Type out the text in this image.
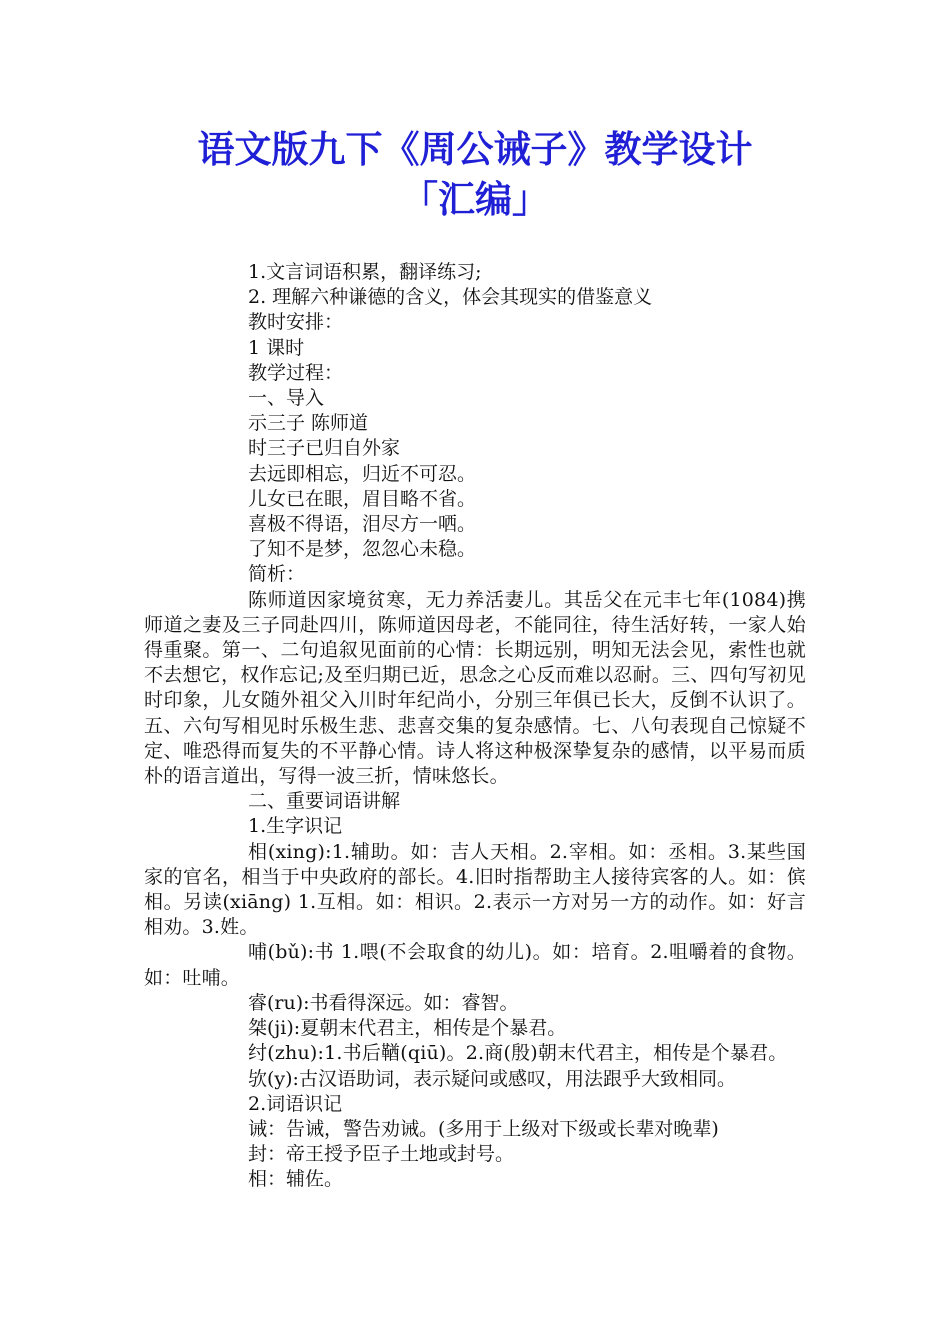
语文版九下《周公诫子》教学设计
「汇编」

1.文言词语积累，翻译练习;

2. 理解六种谦德的含义，体会其现实的借鉴意义

教时安排：

1 课时

教学过程：

一、导入

示三子 陈师道

时三子已归自外家

去远即相忘，归近不可忍。

儿女已在眼，眉目略不省。

喜极不得语，泪尽方一哂。

了知不是梦，忽忽心未稳。

简析：

陈师道因家境贫寒，无力养活妻儿。其岳父在元丰七年(1084)携师道之妻及三子同赴四川，陈师道因母老，不能同往，待生活好转，一家人始得重聚。第一、二句追叙见面前的心情：长期远别，明知无法会见，索性也就不去想它，权作忘记;及至归期已近，思念之心反而难以忍耐。三、四句写初见时印象，儿女随外祖父入川时年纪尚小，分别三年俱已长大，反倒不认识了。五、六句写相见时乐极生悲、悲喜交集的复杂感情。七、八句表现自己惊疑不定、唯恐得而复失的不平静心情。诗人将这种极深挚复杂的感情，以平易而质朴的语言道出，写得一波三折，情味悠长。

二、重要词语讲解

1.生字识记

相(xing):1.辅助。如：吉人天相。2.宰相。如：丞相。3.某些国家的官名，相当于中央政府的部长。4.旧时指帮助主人接待宾客的人。如：傧相。另读(xiāng) 1.互相。如：相识。2.表示一方对另一方的动作。如：好言相劝。3.姓。

哺(bǔ):书 1.喂(不会取食的幼儿)。如：培育。2.咀嚼着的食物。如：吐哺。

睿(ru):书看得深远。如：睿智。

桀(ji):夏朝末代君主，相传是个暴君。

纣(zhu):1.书后鞧(qiū)。2.商(殷)朝末代君主，相传是个暴君。

欤(y):古汉语助词，表示疑问或感叹，用法跟乎大致相同。

2.词语识记

诫：告诫，警告劝诫。(多用于上级对下级或长辈对晚辈)

封：帝王授予臣子土地或封号。

相：辅佐。
